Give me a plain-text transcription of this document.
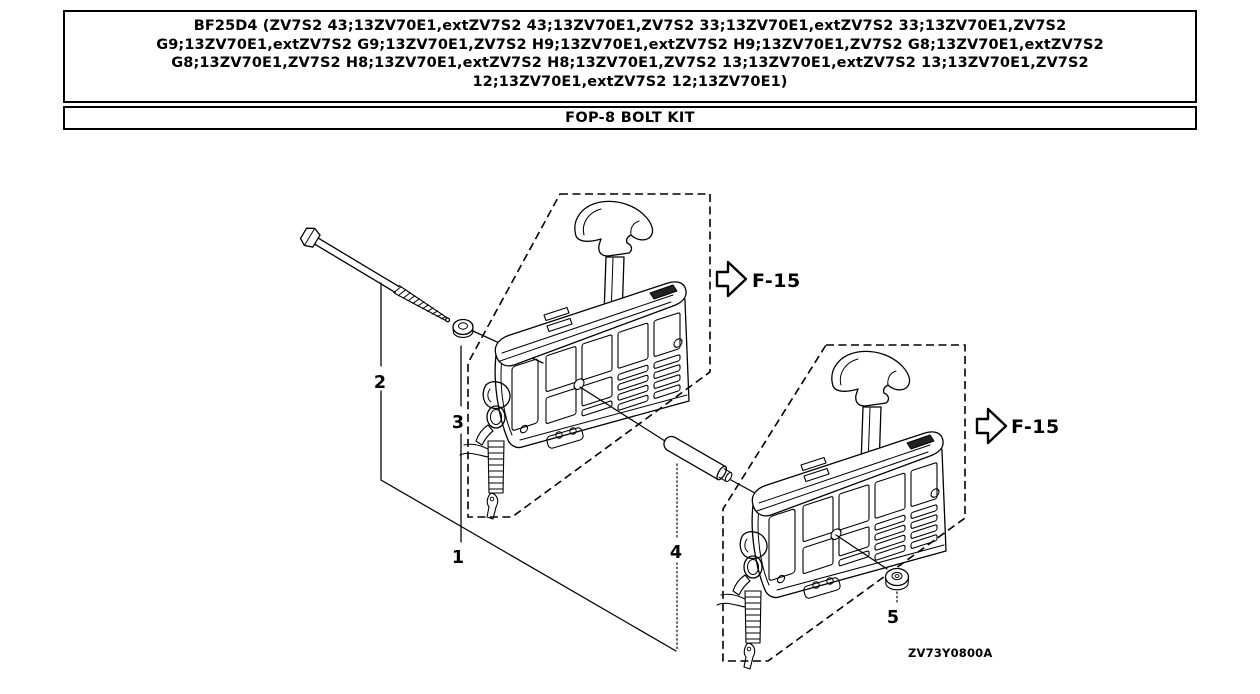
BF25D4 (ZV7S2 43;13ZV70E1,extZV7S2 43;13ZV70E1,ZV7S2 33;13ZV70E1,extZV7S2 33;13ZV70E1,ZV7S2
G9;13ZV70E1,extZV7S2 G9;13ZV70E1,ZV7S2 H9;13ZV70E1,extZV7S2 H9;13ZV70E1,ZV7S2 G8;13ZV70E1,extZV7S2
G8;13ZV70E1,ZV7S2 H8;13ZV70E1,extZV7S2 H8;13ZV70E1,ZV7S2 13;13ZV70E1,extZV7S2 13;13ZV70E1,ZV7S2
12;13ZV70E1,extZV7S2 12;13ZV70E1)
FOP-8 BOLT KIT
F-15
F-15
1
2
3
4
5
ZV73Y0800A
